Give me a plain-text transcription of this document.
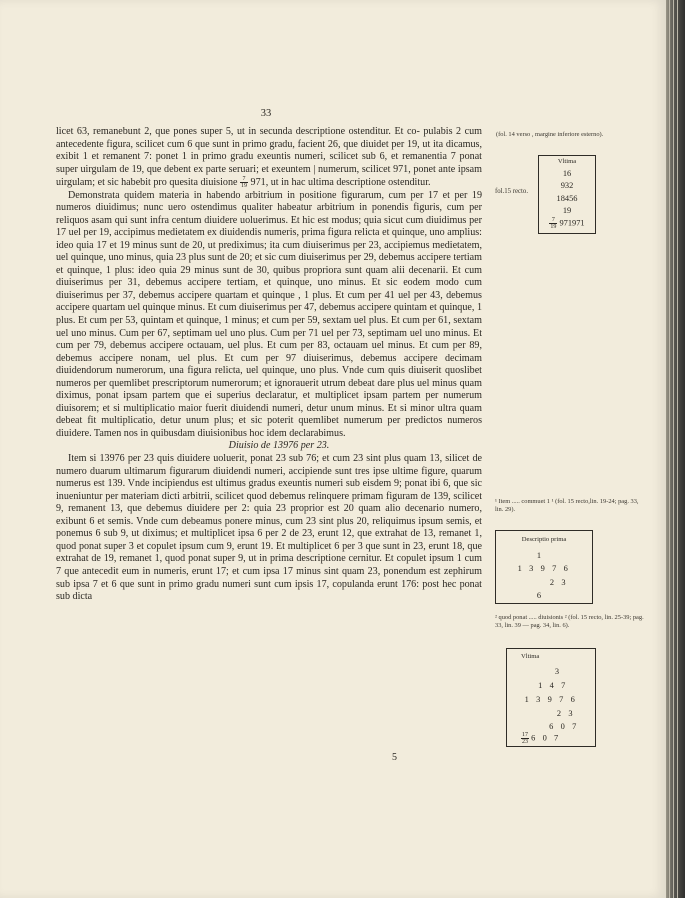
33

licet 63, remanebunt 2, que pones super 5, ut in secunda descriptione ostenditur. Et co- pulabis 2 cum antecedente figura, scilicet cum 6 que sunt in primo gradu, facient 26, que diuidet per 19, ut ita dicamus, exibit 1 et remanent 7: ponet 1 in primo gradu exeuntis numeri, scilicet sub 6, et remanentia 7 ponat super uirgulam de 19, que debent ex parte seruari; et exeuntem | numerum, scilicet 971, ponet ante ipsam uirgulam; et sic habebit pro quesita diuisione $\frac{7}{19} 971$, ut in hac ultima descriptione ostenditur.

Demonstrata quidem materia in habendo arbitrium in positione figurarum, cum per 17 et per 19 numeros diuidimus; nunc uero ostendimus qualiter habeatur arbitrium in ponendis figuris, cum per reliquos asam qui sunt infra centum diuidere uoluerimus. Et hic est modus; quia sicut cum diuidimus per 17 uel per 19, accipimus medietatem ex diuidendis numeris, prima figura relicta et quinque, uno amplius: ideo quia 17 et 19 minus sunt de 20, ut prediximus; ita cum diuiserimus per 23, accipiemus medietatem, uel quinque, uno minus, quia 23 plus sunt de 20; et sic cum diuiserimus per 29, debemus accipere tertiam et quinque, 1 plus: ideo quia 29 minus sunt de 30, quibus propriora sunt quam alii decenarii. Et cum diuiserimus per 31, debemus accipere tertiam, et quinque, uno minus. Et sic eodem modo cum diuiserimus per 37, debemus accipere quartam et quinque , 1 plus. Et cum per 41 uel per 43, debemus accipere quartam uel quinque minus. Et cum diuiserimus per 47, debemus accipere quintam et quinque, 1 plus. Et cum per 53, quintam et quinque, 1 minus; et cum per 59, sextam uel plus. Et cum per 61, sextam uel uno minus. Cum per 67, septimam uel uno plus. Cum per 71 uel per 73, septimam uel uno minus. Et cum per 79, debemus accipere octauam, uel plus. Et cum per 83, octauam uel minus. Et cum per 89, debemus accipere nonam, uel plus. Et cum per 97 diuiserimus, debemus accipere decimam diuidendorum numerorum, una figura relicta, uel quinque, uno plus. Vnde cum quis diuiserit quoslibet numeros per quemlibet prescriptorum numerorum; et ignorauerit utrum debeat dare plus uel minus quam diximus, ponat ipsam partem que ei superius declaratur, et multiplicet ipsam partem per numerum diuisorem; et si multiplicatio maior fuerit diuidendi numeri, detur unum minus. Et si minor ultra quam debeat fit multiplicatio, detur unum plus; et sic poterit quemlibet numerum per predictos numeros diuidere. Tamen nos in quibusdam diuisionibus hoc idem declarabimus.

Diuisio de 13976 per 23.

Item si 13976 per 23 quis diuidere uoluerit, ponat 23 sub 76; et cum 23 sint plus quam 13, silicet de numero duarum ultimarum figurarum diuidendi numeri, accipiende sunt tres ipse ultime figure, quarum numerus est 139. Vnde incipiendus est ultimus gradus exeuntis numeri sub eisdem 9; ponat ibi 6, que sic inueniuntur per materiam dicti arbitrii, scilicet quod debemus relinquere primam figuram de 139, scilicet 9, remanent 13, que debemus diuidere per 2: quia 23 proprior est 20 quam alio decenario numero, exibunt 6 et semis. Vnde cum debeamus ponere minus, cum 23 sint plus 20, reliquimus ipsum semis, et ponemus 6 sub 9, ut diximus; et multiplicet ipsa 6 per 2 de 23, erunt 12, que extrahat de 13, remanet 1, quod ponat super 3 et copulet ipsum cum 9, erunt 19. Et multiplicet 6 per 3 que sunt in 23, erunt 18, que extrahat de 19, remanet 1, quod ponat super 9, ut in prima descriptione cernitur. Et copulet ipsum 1 cum 7 que antecedit eum in numeris, erunt 17; et cum ipsa 17 minus sint quam 23, ponendum est zephirum sub ipsa 7 et 6 que sunt in primo gradu numeri sunt cum ipsis 17, copulanda erunt 176: post hec ponat sub dicta

5
(fol. 14 verso , margine inferiore esterno).
fol.15 recto.
Vltima
16
932
18456
19
$\frac{7}{19} 971971$
¹ Item ..... commuet 1 ¹ (fol. 15 recto,lin. 19-24; pag. 33, lin. 29).
Descriptio prima
1
1 3 9 7 6
2 3
6
² quod ponat ..... diuisionis ² (fol. 15 recto, lin. 25-39; pag. 33, lin. 39 — pag. 34, lin. 6).
Vltima
3
1 4 7
1 3 9 7 6
2 3
6 0 7
$\frac{17}{23} 6$ 0 7
